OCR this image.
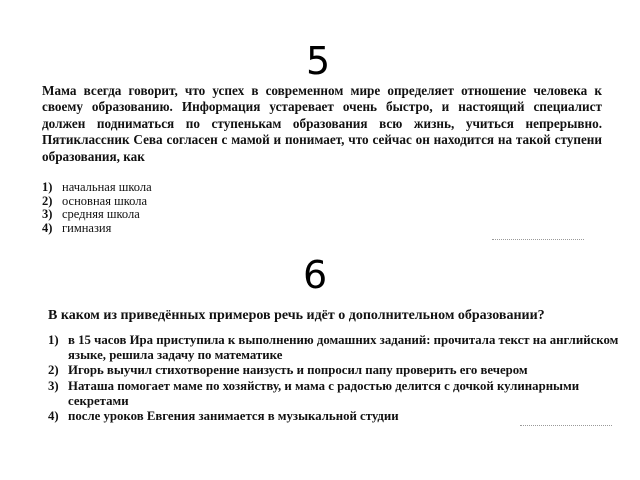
5
Мама всегда говорит, что успех в современном мире определяет отношение человека к своему образованию. Информация устаревает очень быстро, и настоящий специалист должен подниматься по ступенькам образования всю жизнь, учиться непрерывно. Пятиклассник Сева согласен с мамой и понимает, что сейчас он находится на такой ступени образования, как
1) начальная школа
2) основная школа
3) средняя школа
4) гимназия
6
В каком из приведённых примеров речь идёт о дополнительном образовании?
1) в 15 часов Ира приступила к выполнению домашних заданий: прочитала текст на английском языке, решила задачу по математике
2) Игорь выучил стихотворение наизусть и попросил папу проверить его вечером
3) Наташа помогает маме по хозяйству, и мама с радостью делится с дочкой кулинарными секретами
4) после уроков Евгения занимается в музыкальной студии
